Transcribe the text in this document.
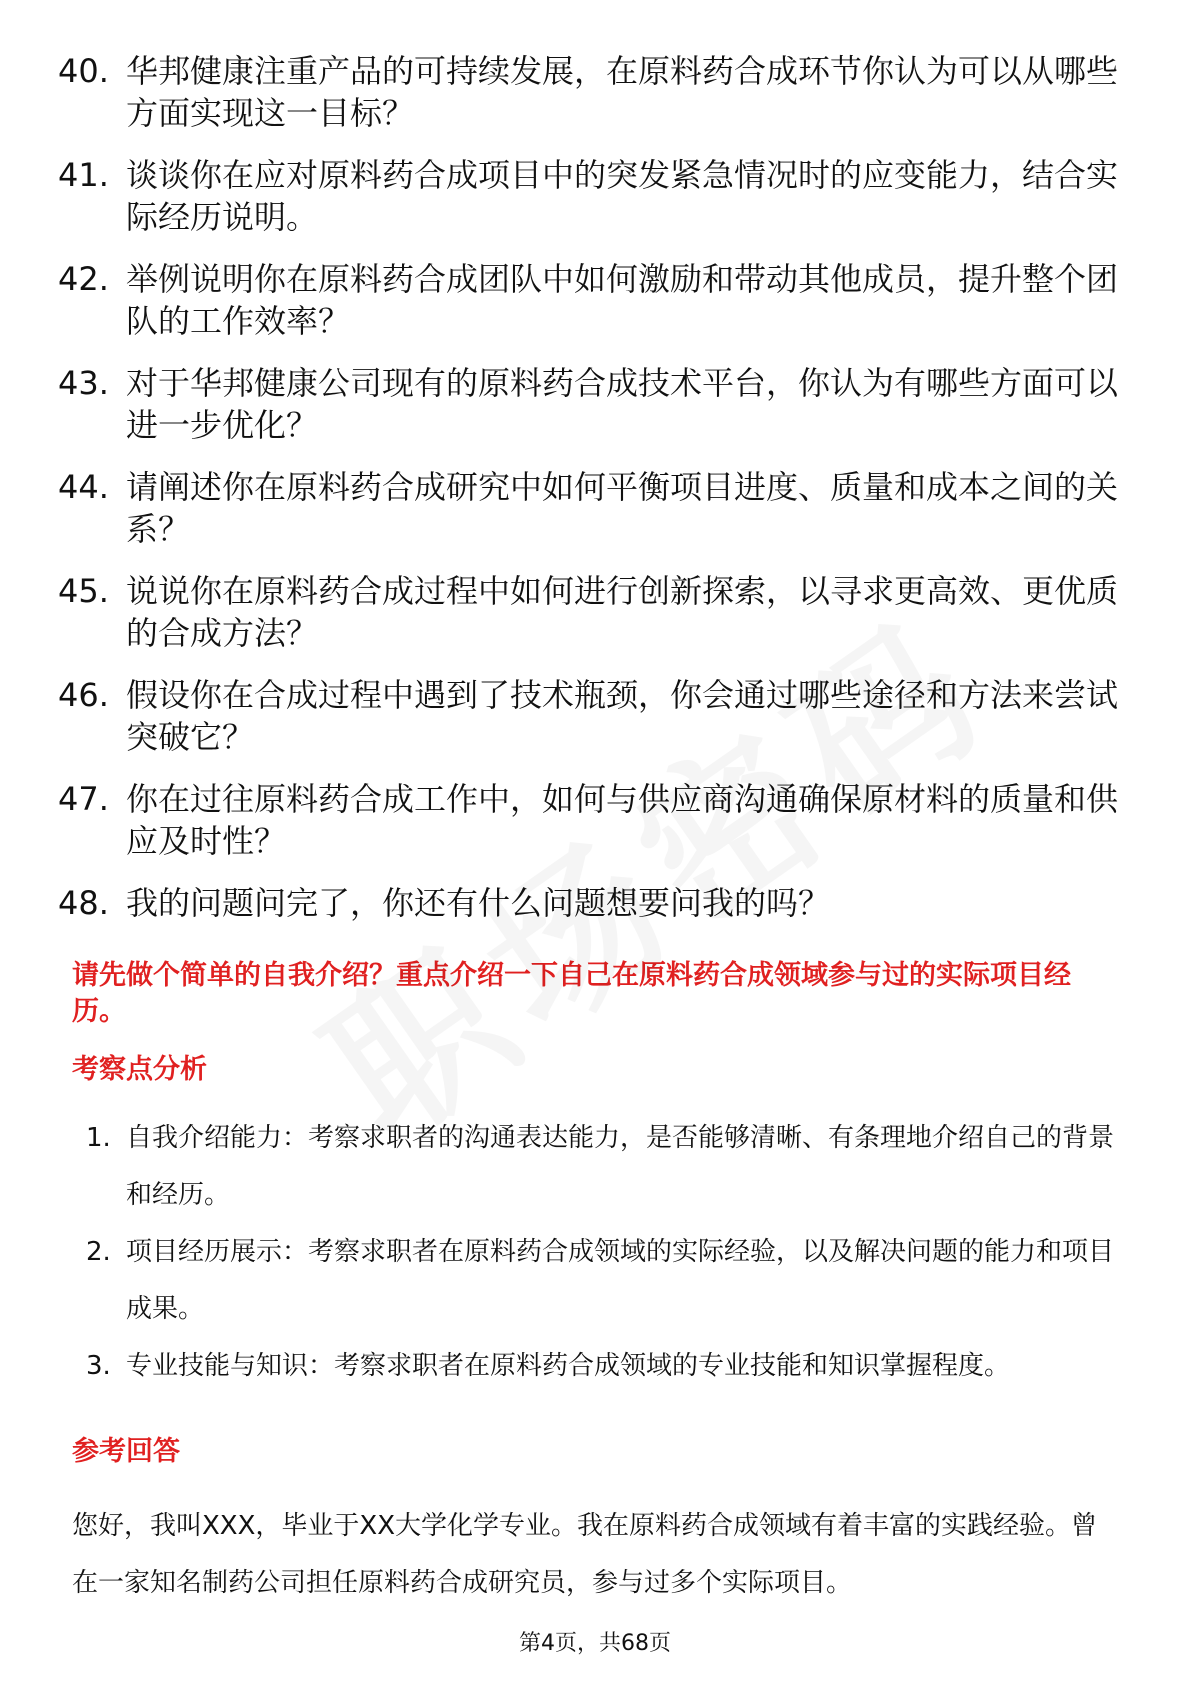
40. 华邦健康注重产品的可持续发展，在原料药合成环节你认为可以从哪些方面实现这一目标？
41. 谈谈你在应对原料药合成项目中的突发紧急情况时的应变能力，结合实际经历说明。
42. 举例说明你在原料药合成团队中如何激励和带动其他成员，提升整个团队的工作效率？
43. 对于华邦健康公司现有的原料药合成技术平台，你认为有哪些方面可以进一步优化？
44. 请阐述你在原料药合成研究中如何平衡项目进度、质量和成本之间的关系？
45. 说说你在原料药合成过程中如何进行创新探索，以寻求更高效、更优质的合成方法？
46. 假设你在合成过程中遇到了技术瓶颈，你会通过哪些途径和方法来尝试突破它？
47. 你在过往原料药合成工作中，如何与供应商沟通确保原材料的质量和供应及时性？
48. 我的问题问完了，你还有什么问题想要问我的吗？

请先做个简单的自我介绍？重点介绍一下自己在原料药合成领域参与过的实际项目经历。

考察点分析
1. 自我介绍能力：考察求职者的沟通表达能力，是否能够清晰、有条理地介绍自己的背景和经历。
2. 项目经历展示：考察求职者在原料药合成领域的实际经验，以及解决问题的能力和项目成果。
3. 专业技能与知识：考察求职者在原料药合成领域的专业技能和知识掌握程度。
参考回答

您好，我叫XXX，毕业于XX大学化学专业。我在原料药合成领域有着丰富的实践经验。曾在一家知名制药公司担任原料药合成研究员，参与过多个实际项目。

第4页，共68页
